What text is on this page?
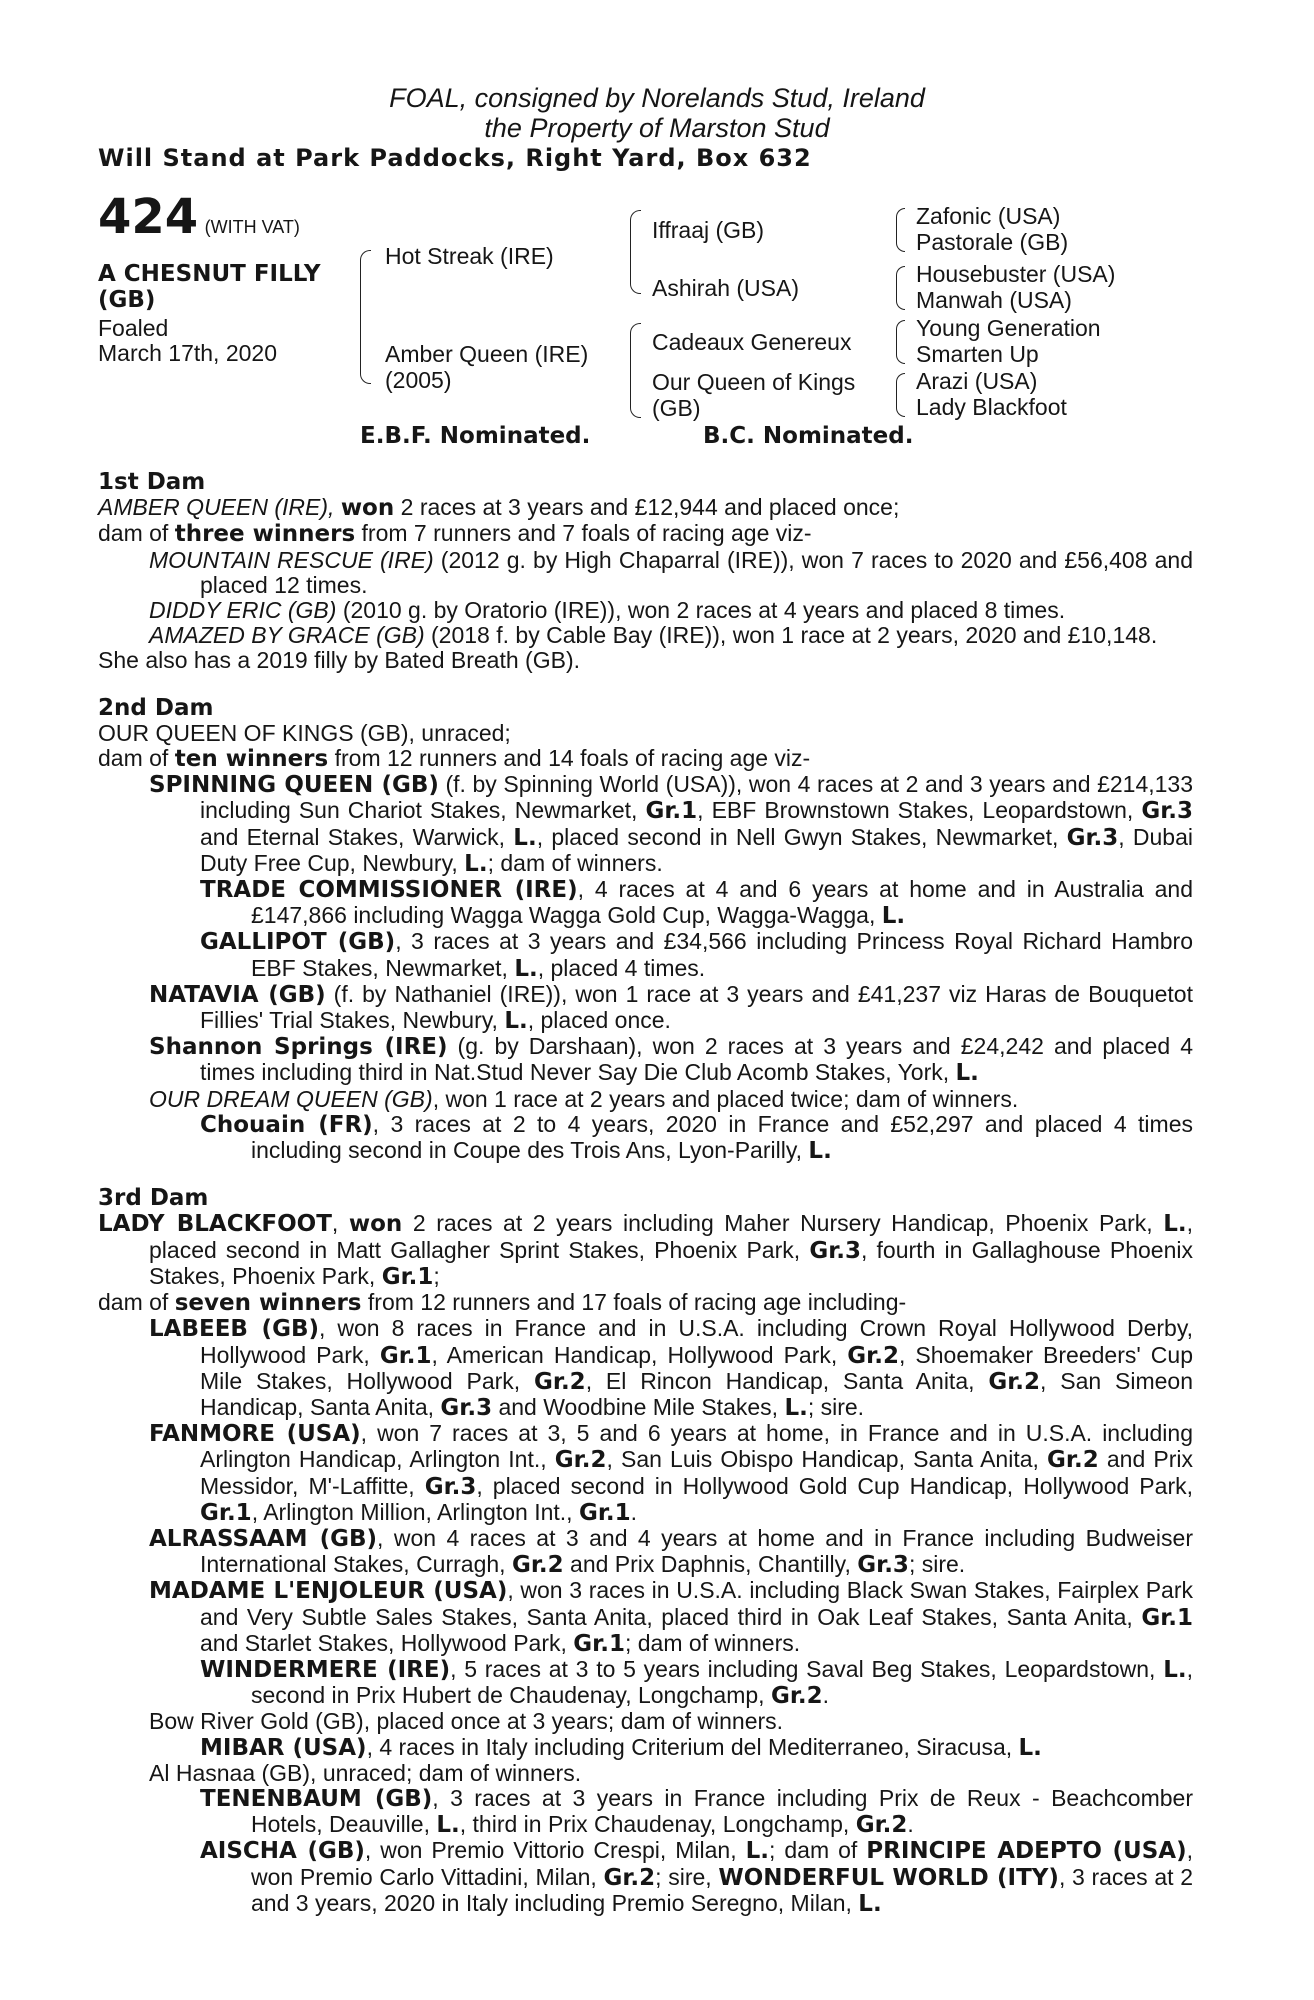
FOAL, consigned by Norelands Stud, Ireland
the Property of Marston Stud
Will Stand at Park Paddocks, Right Yard, Box 632
424 (WITH VAT)
A CHESNUT FILLY
(GB)
Foaled
March 17th, 2020
Hot Streak (IRE)
Amber Queen (IRE)
(2005)
Iffraaj (GB)
Ashirah (USA)
Cadeaux Genereux
Our Queen of Kings
(GB)
Zafonic (USA)
Pastorale (GB)
Housebuster (USA)
Manwah (USA)
Young Generation
Smarten Up
Arazi (USA)
Lady Blackfoot
E.B.F. Nominated.	B.C. Nominated.
1st Dam
AMBER QUEEN (IRE), won 2 races at 3 years and £12,944 and placed once;
dam of three winners from 7 runners and 7 foals of racing age viz-
MOUNTAIN RESCUE (IRE) (2012 g. by High Chaparral (IRE)), won 7 races to 2020 and £56,408 and placed 12 times.
DIDDY ERIC (GB) (2010 g. by Oratorio (IRE)), won 2 races at 4 years and placed 8 times.
AMAZED BY GRACE (GB) (2018 f. by Cable Bay (IRE)), won 1 race at 2 years, 2020 and £10,148.
She also has a 2019 filly by Bated Breath (GB).
2nd Dam
OUR QUEEN OF KINGS (GB), unraced;
dam of ten winners from 12 runners and 14 foals of racing age viz-
SPINNING QUEEN (GB) (f. by Spinning World (USA)), won 4 races at 2 and 3 years and £214,133 including Sun Chariot Stakes, Newmarket, Gr.1, EBF Brownstown Stakes, Leopardstown, Gr.3 and Eternal Stakes, Warwick, L., placed second in Nell Gwyn Stakes, Newmarket, Gr.3, Dubai Duty Free Cup, Newbury, L.; dam of winners.
TRADE COMMISSIONER (IRE), 4 races at 4 and 6 years at home and in Australia and £147,866 including Wagga Wagga Gold Cup, Wagga-Wagga, L.
GALLIPOT (GB), 3 races at 3 years and £34,566 including Princess Royal Richard Hambro EBF Stakes, Newmarket, L., placed 4 times.
NATAVIA (GB) (f. by Nathaniel (IRE)), won 1 race at 3 years and £41,237 viz Haras de Bouquetot Fillies' Trial Stakes, Newbury, L., placed once.
Shannon Springs (IRE) (g. by Darshaan), won 2 races at 3 years and £24,242 and placed 4 times including third in Nat.Stud Never Say Die Club Acomb Stakes, York, L.
OUR DREAM QUEEN (GB), won 1 race at 2 years and placed twice; dam of winners.
Chouain (FR), 3 races at 2 to 4 years, 2020 in France and £52,297 and placed 4 times including second in Coupe des Trois Ans, Lyon-Parilly, L.
3rd Dam
LADY BLACKFOOT, won 2 races at 2 years including Maher Nursery Handicap, Phoenix Park, L., placed second in Matt Gallagher Sprint Stakes, Phoenix Park, Gr.3, fourth in Gallaghouse Phoenix Stakes, Phoenix Park, Gr.1;
dam of seven winners from 12 runners and 17 foals of racing age including-
LABEEB (GB), won 8 races in France and in U.S.A. including Crown Royal Hollywood Derby, Hollywood Park, Gr.1, American Handicap, Hollywood Park, Gr.2, Shoemaker Breeders' Cup Mile Stakes, Hollywood Park, Gr.2, El Rincon Handicap, Santa Anita, Gr.2, San Simeon Handicap, Santa Anita, Gr.3 and Woodbine Mile Stakes, L.; sire.
FANMORE (USA), won 7 races at 3, 5 and 6 years at home, in France and in U.S.A. including Arlington Handicap, Arlington Int., Gr.2, San Luis Obispo Handicap, Santa Anita, Gr.2 and Prix Messidor, M'-Laffitte, Gr.3, placed second in Hollywood Gold Cup Handicap, Hollywood Park, Gr.1, Arlington Million, Arlington Int., Gr.1.
ALRASSAAM (GB), won 4 races at 3 and 4 years at home and in France including Budweiser International Stakes, Curragh, Gr.2 and Prix Daphnis, Chantilly, Gr.3; sire.
MADAME L'ENJOLEUR (USA), won 3 races in U.S.A. including Black Swan Stakes, Fairplex Park and Very Subtle Sales Stakes, Santa Anita, placed third in Oak Leaf Stakes, Santa Anita, Gr.1 and Starlet Stakes, Hollywood Park, Gr.1; dam of winners.
WINDERMERE (IRE), 5 races at 3 to 5 years including Saval Beg Stakes, Leopardstown, L., second in Prix Hubert de Chaudenay, Longchamp, Gr.2.
Bow River Gold (GB), placed once at 3 years; dam of winners.
MIBAR (USA), 4 races in Italy including Criterium del Mediterraneo, Siracusa, L.
Al Hasnaa (GB), unraced; dam of winners.
TENENBAUM (GB), 3 races at 3 years in France including Prix de Reux - Beachcomber Hotels, Deauville, L., third in Prix Chaudenay, Longchamp, Gr.2.
AISCHA (GB), won Premio Vittorio Crespi, Milan, L.; dam of PRINCIPE ADEPTO (USA), won Premio Carlo Vittadini, Milan, Gr.2; sire, WONDERFUL WORLD (ITY), 3 races at 2 and 3 years, 2020 in Italy including Premio Seregno, Milan, L.
